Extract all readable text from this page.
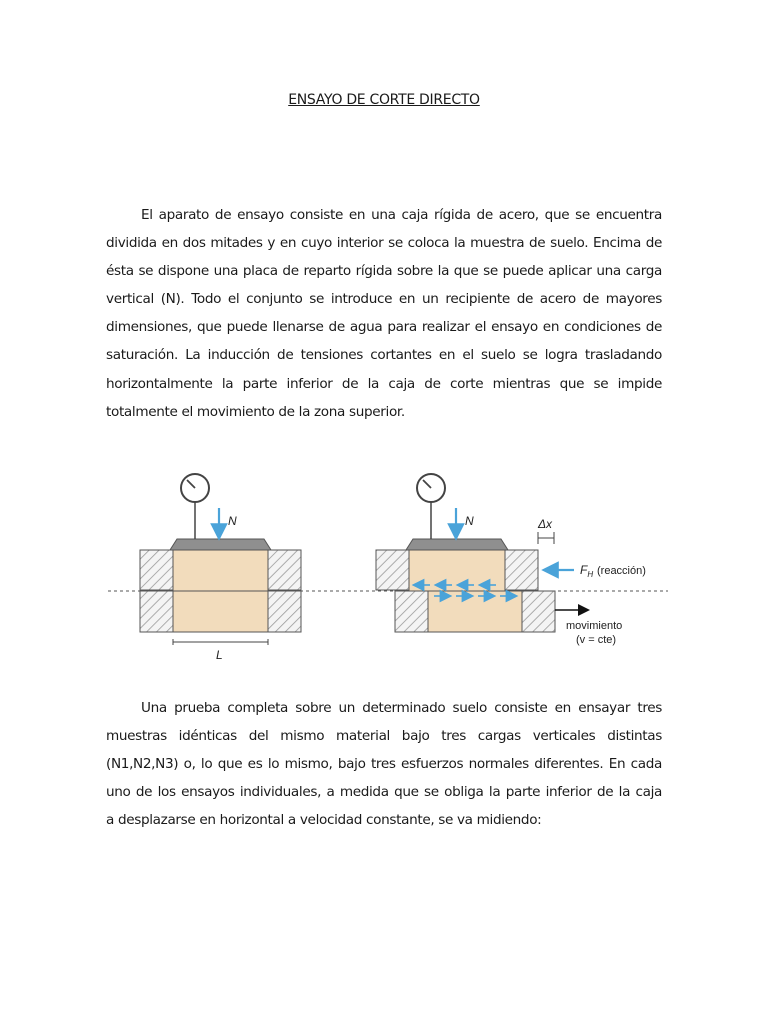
ENSAYO DE CORTE DIRECTO
El aparato de ensayo consiste en una caja rígida de acero, que se encuentra
dividida en dos mitades y en cuyo interior se coloca la muestra de suelo. Encima de
ésta se dispone una placa de reparto rígida sobre la que se puede aplicar una carga
vertical (N). Todo el conjunto se introduce en un recipiente de acero de mayores
dimensiones, que puede llenarse de agua para realizar el ensayo en condiciones de
saturación. La inducción de tensiones cortantes en el suelo se logra trasladando
horizontalmente la parte inferior de la caja de corte mientras que se impide
totalmente el movimiento de la zona superior.
N
L
N	Δx
$F_H$ (reacción)
movimiento
(v = cte)
Una prueba completa sobre un determinado suelo consiste en ensayar tres
muestras idénticas del mismo material bajo tres cargas verticales distintas
(N1,N2,N3) o, lo que es lo mismo, bajo tres esfuerzos normales diferentes. En cada
uno de los ensayos individuales, a medida que se obliga la parte inferior de la caja
a desplazarse en horizontal a velocidad constante, se va midiendo:
